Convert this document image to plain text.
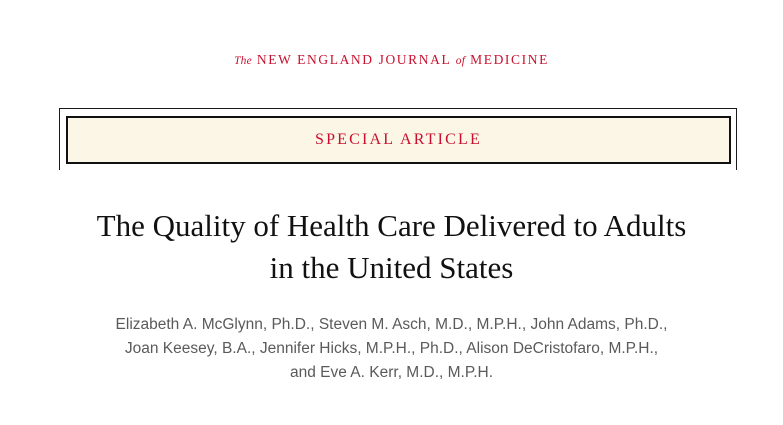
The NEW ENGLAND JOURNAL of MEDICINE
SPECIAL ARTICLE
The Quality of Health Care Delivered to Adults
in the United States
Elizabeth A. McGlynn, Ph.D., Steven M. Asch, M.D., M.P.H., John Adams, Ph.D.,
Joan Keesey, B.A., Jennifer Hicks, M.P.H., Ph.D., Alison DeCristofaro, M.P.H.,
and Eve A. Kerr, M.D., M.P.H.
